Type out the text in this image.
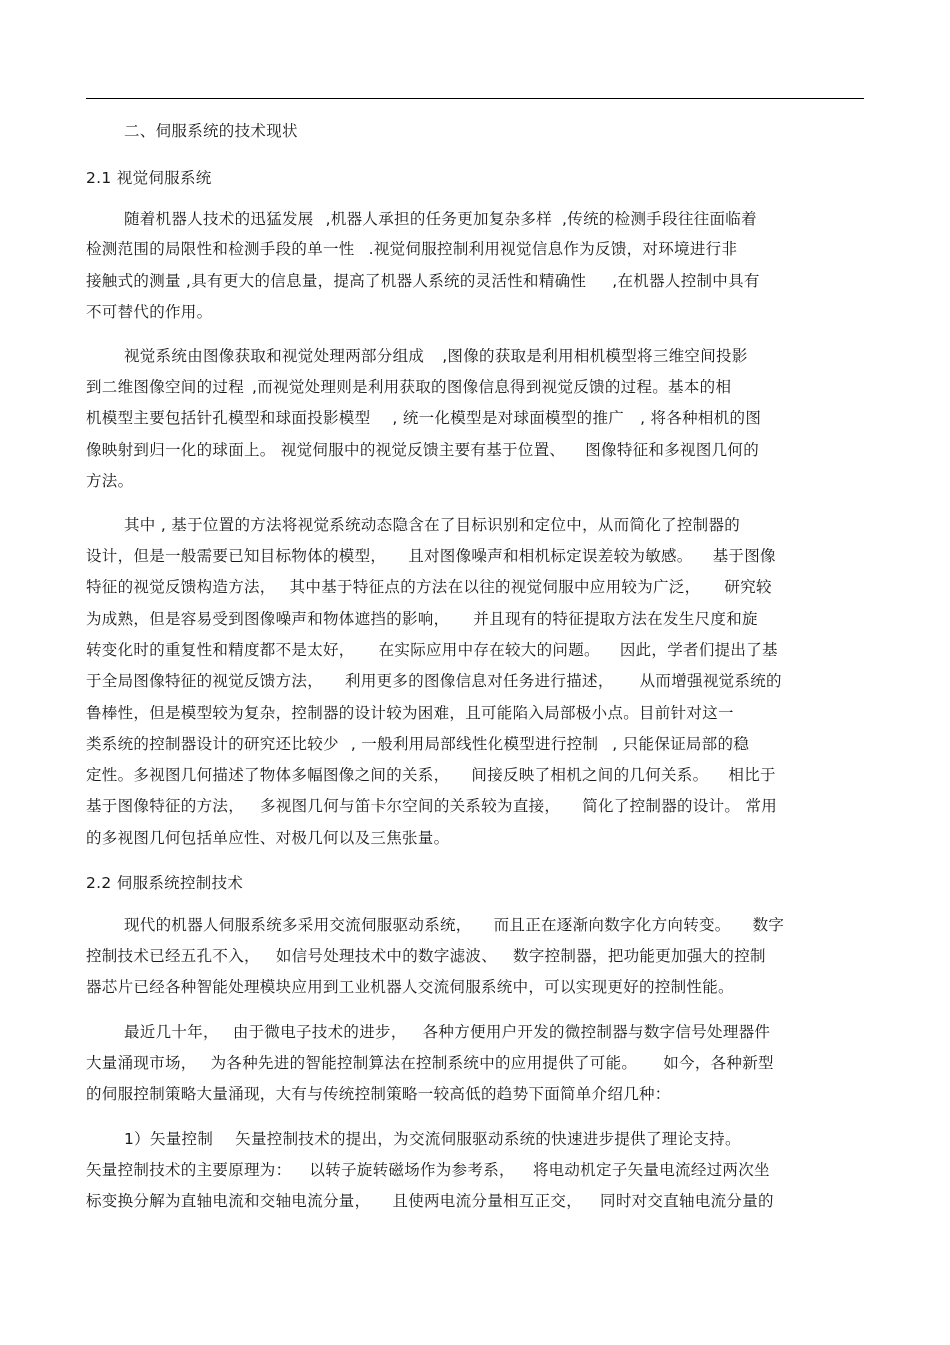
二、伺服系统的技术现状
2.1 视觉伺服系统
随着机器人技术的迅猛发展 ,机器人承担的任务更加复杂多样 ,传统的检测手段往往面临着
检测范围的局限性和检测手段的单一性 .视觉伺服控制利用视觉信息作为反馈，对环境进行非
接触式的测量 ,具有更大的信息量，提高了机器人系统的灵活性和精确性 ,在机器人控制中具有
不可替代的作用。
视觉系统由图像获取和视觉处理两部分组成 ,图像的获取是利用相机模型将三维空间投影
到二维图像空间的过程 ,而视觉处理则是利用获取的图像信息得到视觉反馈的过程。基本的相
机模型主要包括针孔模型和球面投影模型 , 统一化模型是对球面模型的推广 , 将各种相机的图
像映射到归一化的球面上。 视觉伺服中的视觉反馈主要有基于位置、 图像特征和多视图几何的
方法。
其中 , 基于位置的方法将视觉系统动态隐含在了目标识别和定位中，从而简化了控制器的
设计，但是一般需要已知目标物体的模型， 且对图像噪声和相机标定误差较为敏感。 基于图像
特征的视觉反馈构造方法， 其中基于特征点的方法在以往的视觉伺服中应用较为广泛， 研究较
为成熟，但是容易受到图像噪声和物体遮挡的影响， 并且现有的特征提取方法在发生尺度和旋
转变化时的重复性和精度都不是太好， 在实际应用中存在较大的问题。 因此，学者们提出了基
于全局图像特征的视觉反馈方法， 利用更多的图像信息对任务进行描述， 从而增强视觉系统的
鲁棒性，但是模型较为复杂，控制器的设计较为困难，且可能陷入局部极小点。目前针对这一
类系统的控制器设计的研究还比较少 , 一般利用局部线性化模型进行控制 , 只能保证局部的稳
定性。多视图几何描述了物体多幅图像之间的关系， 间接反映了相机之间的几何关系。 相比于
基于图像特征的方法， 多视图几何与笛卡尔空间的关系较为直接， 简化了控制器的设计。 常用
的多视图几何包括单应性、对极几何以及三焦张量。
2.2 伺服系统控制技术
现代的机器人伺服系统多采用交流伺服驱动系统， 而且正在逐渐向数字化方向转变。 数字
控制技术已经五孔不入， 如信号处理技术中的数字滤波、 数字控制器，把功能更加强大的控制
器芯片已经各种智能处理模块应用到工业机器人交流伺服系统中，可以实现更好的控制性能。
最近几十年， 由于微电子技术的进步， 各种方便用户开发的微控制器与数字信号处理器件
大量涌现市场， 为各种先进的智能控制算法在控制系统中的应用提供了可能。 如今，各种新型
的伺服控制策略大量涌现，大有与传统控制策略一较高低的趋势下面简单介绍几种：
1）矢量控制 矢量控制技术的提出，为交流伺服驱动系统的快速进步提供了理论支持。
矢量控制技术的主要原理为： 以转子旋转磁场作为参考系， 将电动机定子矢量电流经过两次坐
标变换分解为直轴电流和交轴电流分量， 且使两电流分量相互正交， 同时对交直轴电流分量的
